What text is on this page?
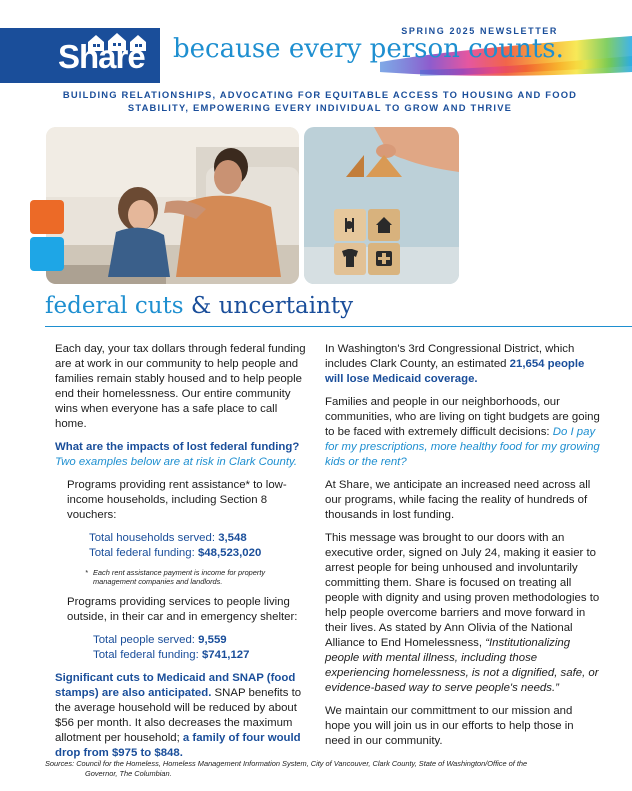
Share because every person counts.
SPRING 2025 NEWSLETTER
BUILDING RELATIONSHIPS, ADVOCATING FOR EQUITABLE ACCESS TO HOUSING AND FOOD STABILITY, EMPOWERING EVERY INDIVIDUAL TO GROW AND THRIVE
federal cuts & uncertainty

Each day, your tax dollars through federal funding are at work in our community to help people and families remain stably housed and to help people end their homelessness. Our entire community wins when everyone has a safe place to call home.

What are the impacts of lost federal funding?
Two examples below are at risk in Clark County.

Programs providing rent assistance* to low-income households, including Section 8 vouchers:

Total households served: 3,548
Total federal funding: $48,523,020

* Each rent assistance payment is income for property management companies and landlords.

Programs providing services to people living outside, in their car and in emergency shelter:

Total people served: 9,559
Total federal funding: $741,127

Significant cuts to Medicaid and SNAP (food stamps) are also anticipated. SNAP benefits to the average household will be reduced by about $56 per month. It also decreases the maximum allotment per household; a family of four would drop from $975 to $848.

In Washington's 3rd Congressional District, which includes Clark County, an estimated 21,654 people will lose Medicaid coverage.

Families and people in our neighborhoods, our communities, who are living on tight budgets are going to be faced with extremely difficult decisions: Do I pay for my prescriptions, more healthy food for my growing kids or the rent?

At Share, we anticipate an increased need across all our programs, while facing the reality of hundreds of thousands in lost funding.

This message was brought to our doors with an executive order, signed on July 24, making it easier to arrest people for being unhoused and involuntarily committing them. Share is focused on treating all people with dignity and using proven methodologies to help people overcome barriers and move forward in their lives. As stated by Ann Olivia of the National Alliance to End Homelessness, “Institutionalizing people with mental illness, including those experiencing homelessness, is not a dignified, safe, or evidence-based way to serve people's needs.”

We maintain our committment to our mission and hope you will join us in our efforts to help those in need in our community.

Sources: Council for the Homeless, Homeless Management Information System, City of Vancouver, Clark County, State of Washington/Office of the
Governor, The Columbian.
